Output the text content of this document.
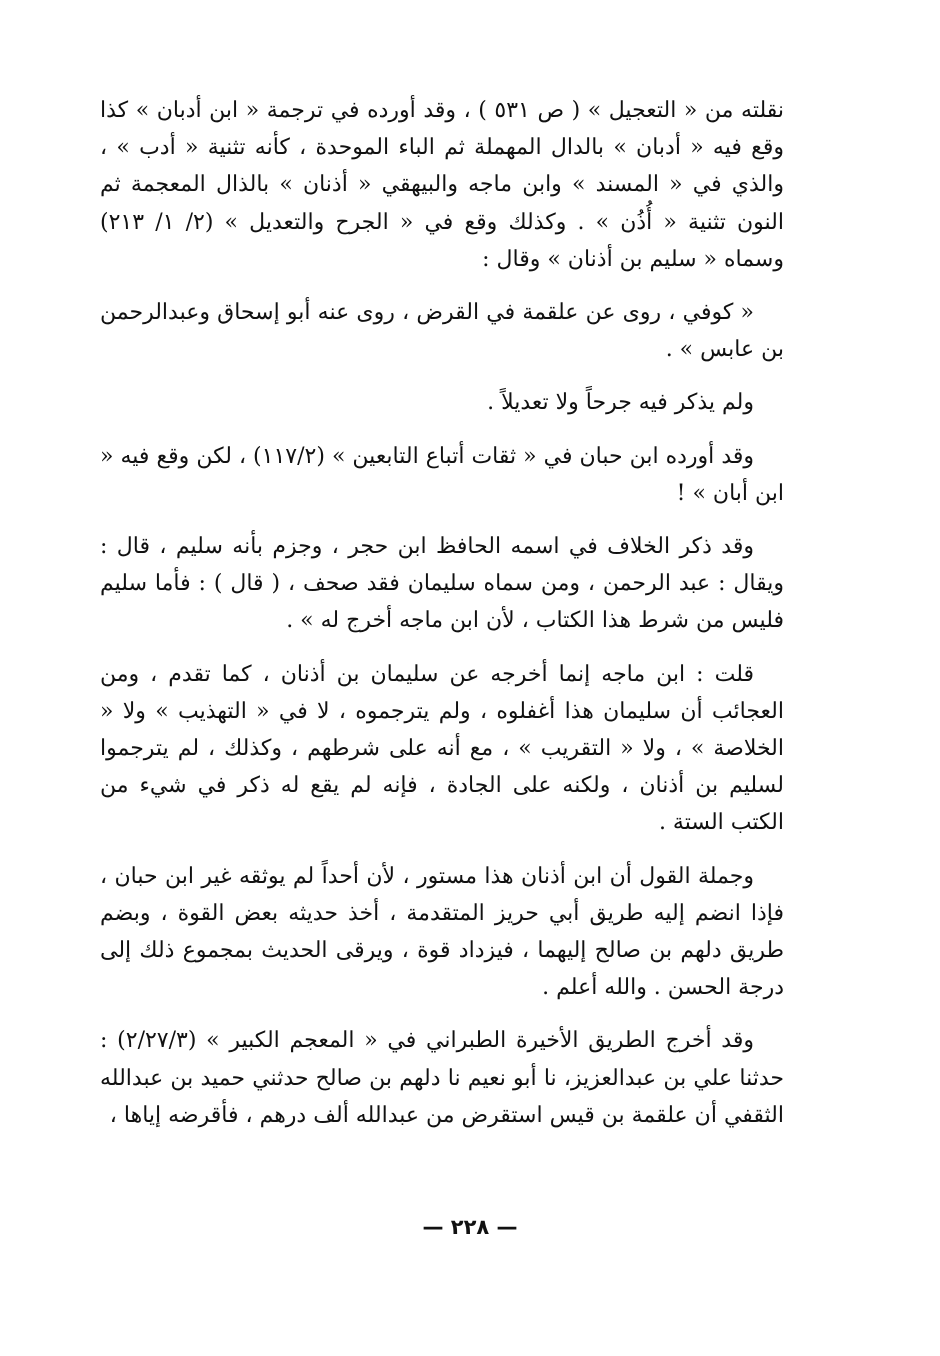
نقلته من « التعجيل » ( ص ٥٣١ ) ، وقد أورده في ترجمة « ابن أدبان » كذا وقع فيه « أدبان » بالدال المهملة ثم الباء الموحدة ، كأنه تثنية « أدب » ، والذي في « المسند » وابن ماجه والبيهقي « أذنان » بالذال المعجمة ثم النون تثنية « أُذُن » . وكذلك وقع في « الجرح والتعديل » (٢/ ١/ ٢١٣) وسماه « سليم بن أذنان » وقال :

« كوفي ، روى عن علقمة في القرض ، روى عنه أبو إسحاق وعبدالرحمن بن عابس » .

ولم يذكر فيه جرحاً ولا تعديلاً .

وقد أورده ابن حبان في « ثقات أتباع التابعين » (١١٧/٢) ، لكن وقع فيه « ابن أبان » !

وقد ذكر الخلاف في اسمه الحافظ ابن حجر ، وجزم بأنه سليم ، قال : ويقال : عبد الرحمن ، ومن سماه سليمان فقد صحف ، ( قال ) : فأما سليم فليس من شرط هذا الكتاب ، لأن ابن ماجه أخرج له » .

قلت : ابن ماجه إنما أخرجه عن سليمان بن أذنان ، كما تقدم ، ومن العجائب أن سليمان هذا أغفلوه ، ولم يترجموه ، لا في « التهذيب » ولا « الخلاصة » ، ولا « التقريب » ، مع أنه على شرطهم ، وكذلك ، لم يترجموا لسليم بن أذنان ، ولكنه على الجادة ، فإنه لم يقع له ذكر في شيء من الكتب الستة .

وجملة القول أن ابن أذنان هذا مستور ، لأن أحداً لم يوثقه غير ابن حبان ، فإذا انضم إليه طريق أبي حريز المتقدمة ، أخذ حديثه بعض القوة ، وبضم طريق دلهم بن صالح إليهما ، فيزداد قوة ، ويرقى الحديث بمجموع ذلك إلى درجة الحسن . والله أعلم .

وقد أخرج الطريق الأخيرة الطبراني في « المعجم الكبير » (٢/٢٧/٣) : حدثنا علي بن عبدالعزيز، نا أبو نعيم نا دلهم بن صالح حدثني حميد بن عبدالله الثقفي أن علقمة بن قيس استقرض من عبدالله ألف درهم ، فأقرضه إياها ،

— ٢٢٨ —
